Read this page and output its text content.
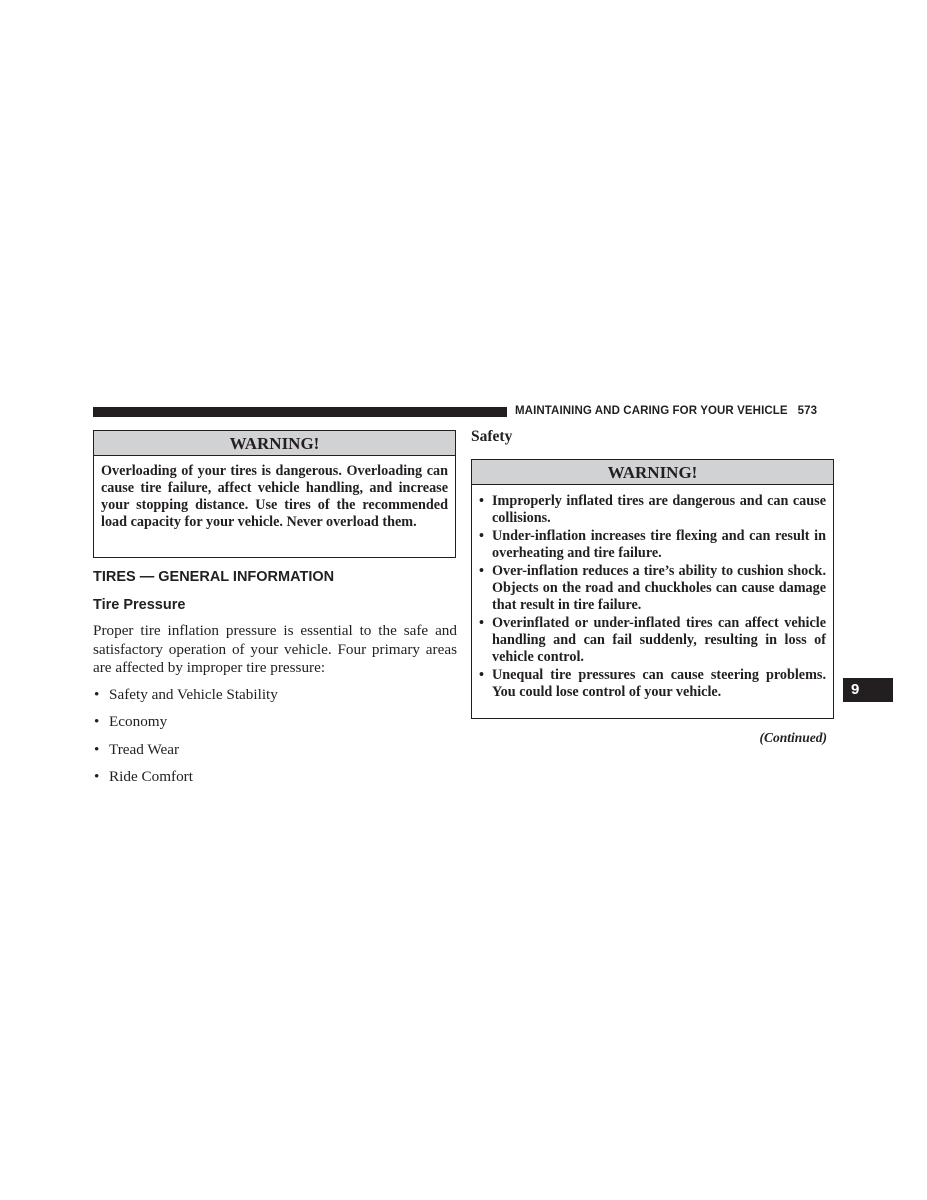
MAINTAINING AND CARING FOR YOUR VEHICLE 573
WARNING!
Overloading of your tires is dangerous. Overloading can cause tire failure, affect vehicle handling, and increase your stopping distance. Use tires of the recommended load capacity for your vehicle. Never overload them.
TIRES — GENERAL INFORMATION
Tire Pressure
Proper tire inflation pressure is essential to the safe and satisfactory operation of your vehicle. Four primary areas are affected by improper tire pressure:
• Safety and Vehicle Stability
• Economy
• Tread Wear
• Ride Comfort
Safety
WARNING!
• Improperly inflated tires are dangerous and can cause collisions.
• Under-inflation increases tire flexing and can result in overheating and tire failure.
• Over-inflation reduces a tire’s ability to cushion shock. Objects on the road and chuckholes can cause damage that result in tire failure.
• Overinflated or under-inflated tires can affect vehicle handling and can fail suddenly, resulting in loss of vehicle control.
• Unequal tire pressures can cause steering problems. You could lose control of your vehicle.
(Continued)
9
